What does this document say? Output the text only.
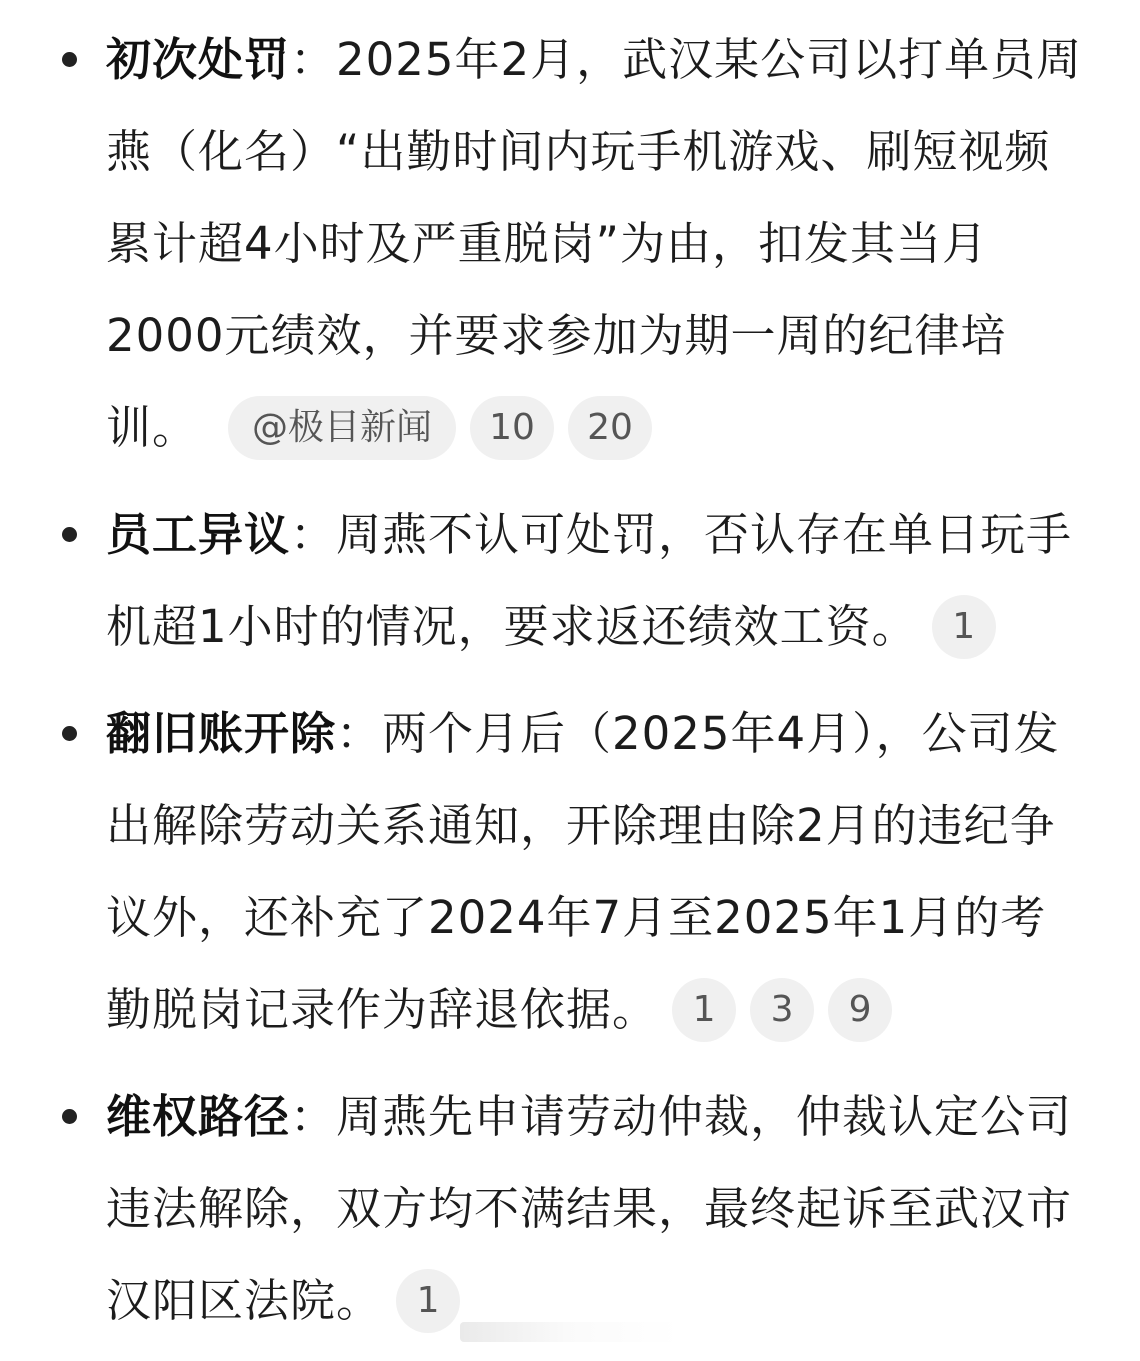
初次处罚：2025年2月，武汉某公司以打单员周燕（化名）“出勤时间内玩手机游戏、刷短视频累计超4小时及严重脱岗”为由，扣发其当月2000元绩效，并要求参加为期一周的纪律培训。 @极目新闻 10 20
员工异议：周燕不认可处罚，否认存在单日玩手机超1小时的情况，要求返还绩效工资。 1
翻旧账开除：两个月后（2025年4月），公司发出解除劳动关系通知，开除理由除2月的违纪争议外，还补充了2024年7月至2025年1月的考勤脱岗记录作为辞退依据。 1 3 9
维权路径：周燕先申请劳动仲裁，仲裁认定公司违法解除，双方均不满结果，最终起诉至武汉市汉阳区法院。 1
